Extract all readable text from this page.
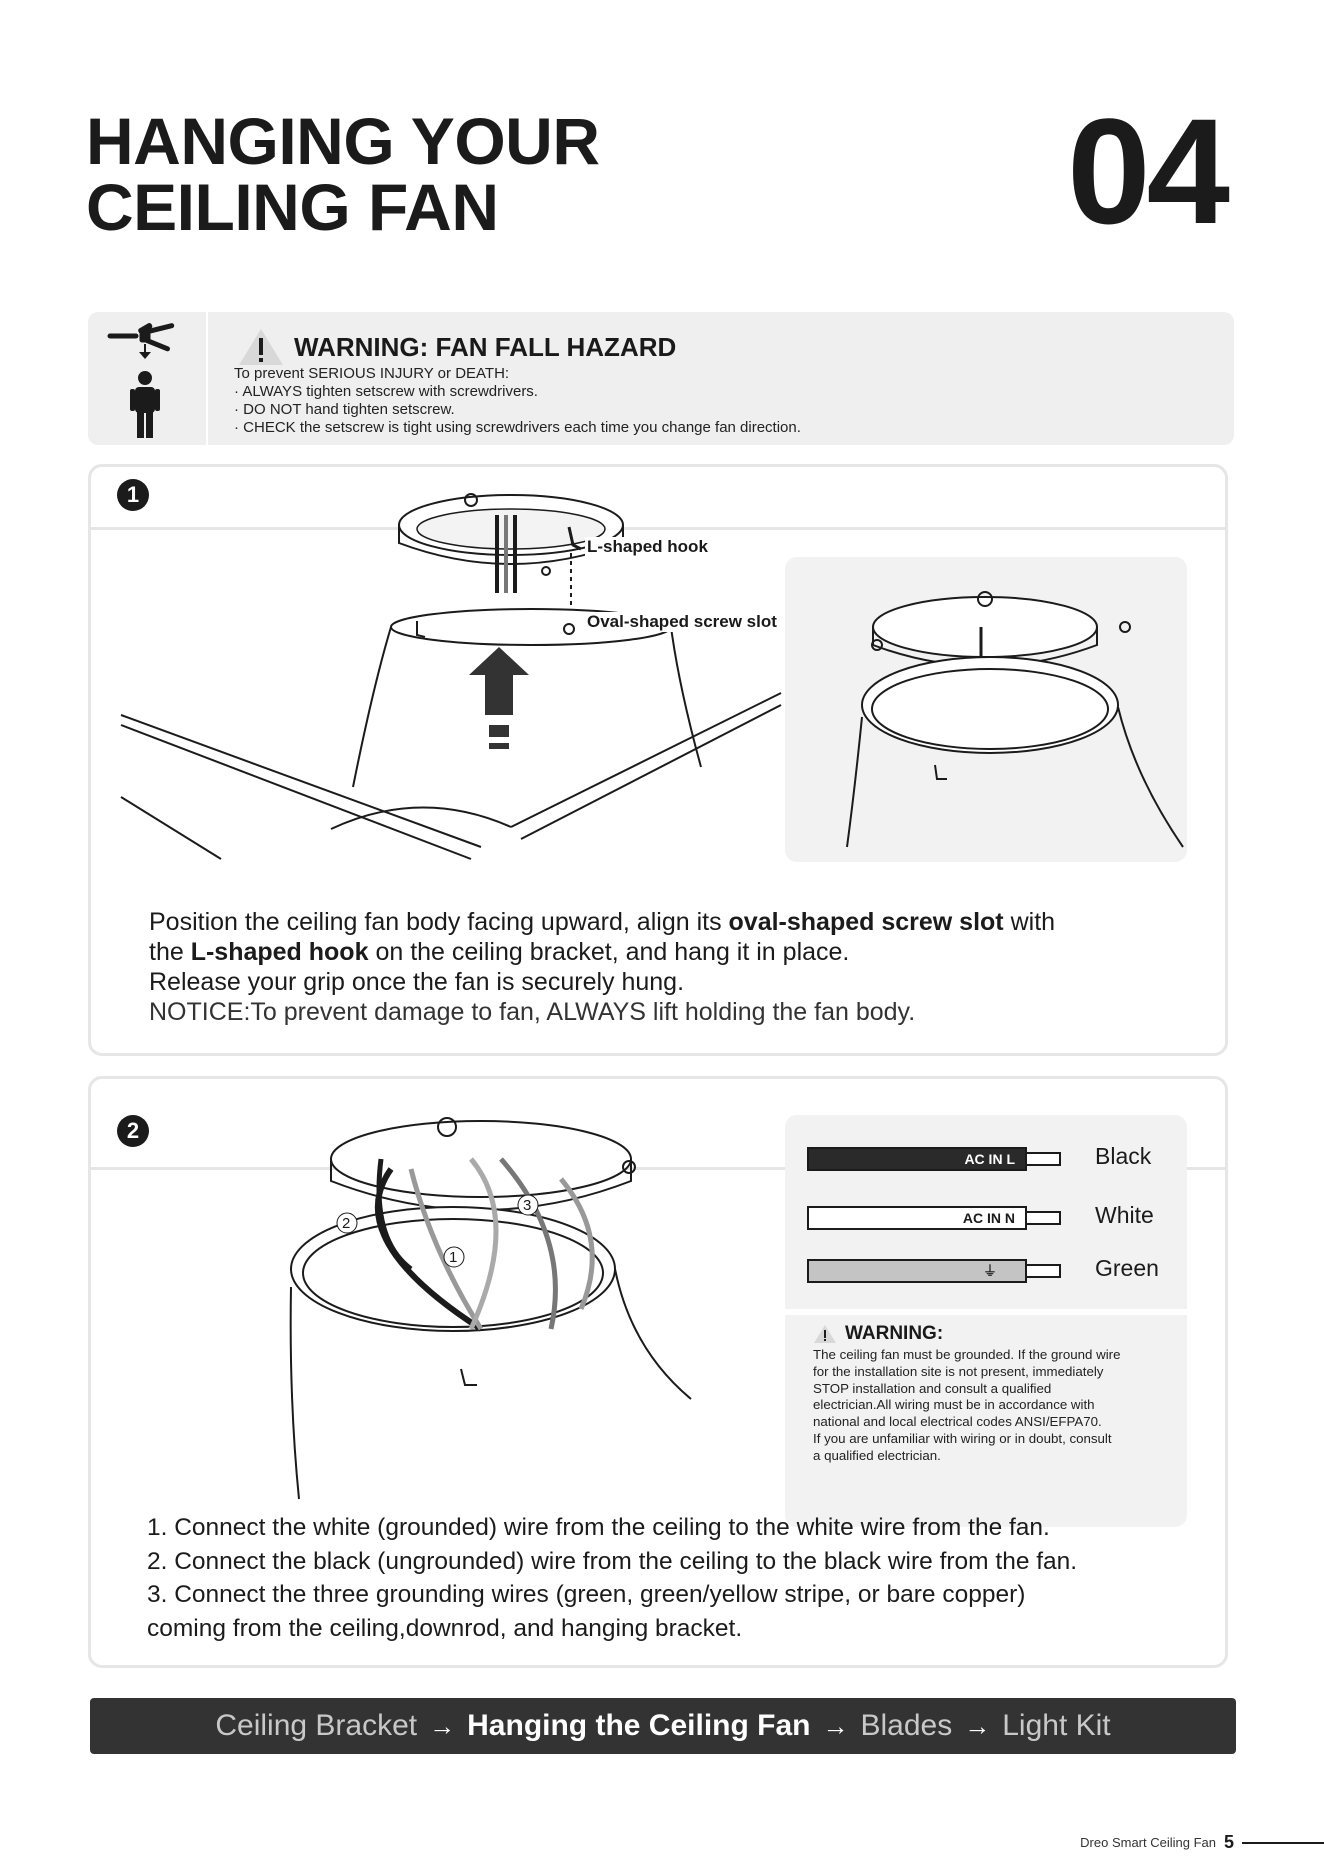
HANGING YOUR
CEILING FAN	04
WARNING: FAN FALL HAZARD
To prevent SERIOUS INJURY or DEATH:
· ALWAYS tighten setscrew with screwdrivers.
· DO NOT hand tighten setscrew.
· CHECK the setscrew is tight using screwdrivers each time you change fan direction.
1
L-shaped hook
Oval-shaped screw slot
Position the ceiling fan body facing upward, align its oval-shaped screw slot with
the L-shaped hook on the ceiling bracket, and hang it in place.
Release your grip once the fan is securely hung.
NOTICE:To prevent damage to fan, ALWAYS lift holding the fan body.
2
1
2
3
AC IN L	Black
AC IN N	White
⏚	Green
WARNING:
The ceiling fan must be grounded. If the ground wire
for the installation site is not present, immediately
STOP installation and consult a qualified
electrician.All wiring must be in accordance with
national and local electrical codes ANSI/EFPA70.
If you are unfamiliar with wiring or in doubt, consult
a qualified electrician.
1. Connect the white (grounded) wire from the ceiling to the white wire from the fan.
2. Connect the black (ungrounded) wire from the ceiling to the black wire from the fan.
3. Connect the three grounding wires (green, green/yellow stripe, or bare copper)
coming from the ceiling,downrod, and hanging bracket.
Ceiling Bracket → Hanging the Ceiling Fan → Blades → Light Kit
Dreo Smart Ceiling Fan 5
